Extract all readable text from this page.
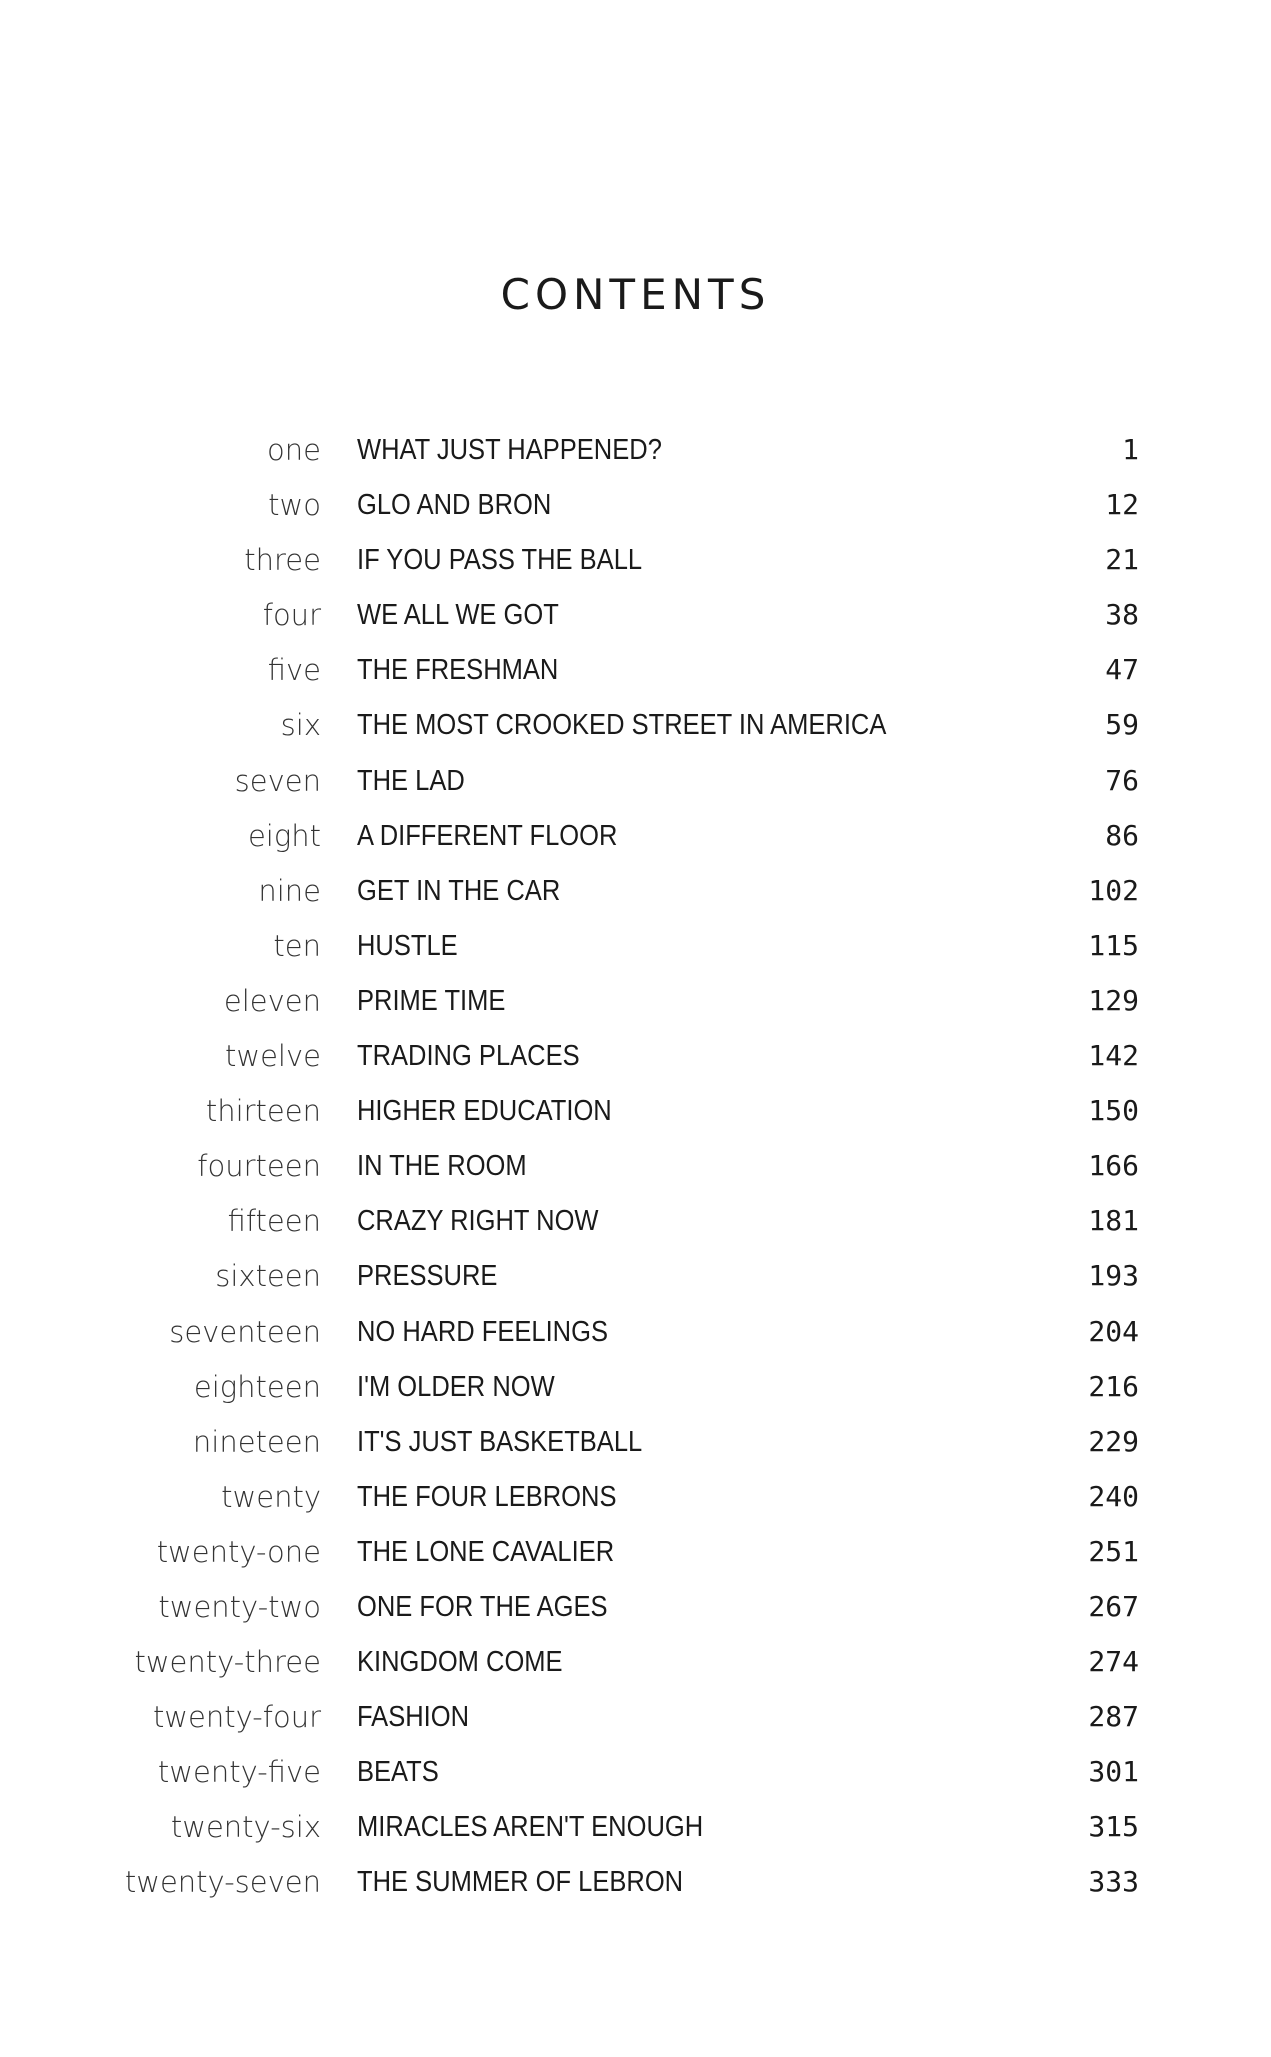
CONTENTS
one WHAT JUST HAPPENED?	1
two GLO AND BRON	12
three IF YOU PASS THE BALL	21
four WE ALL WE GOT	38
five THE FRESHMAN	47
six THE MOST CROOKED STREET IN AMERICA	59
seven THE LAD	76
eight A DIFFERENT FLOOR	86
nine GET IN THE CAR	102
ten HUSTLE	115
eleven PRIME TIME	129
twelve TRADING PLACES	142
thirteen HIGHER EDUCATION	150
fourteen IN THE ROOM	166
fifteen CRAZY RIGHT NOW	181
sixteen PRESSURE	193
seventeen NO HARD FEELINGS	204
eighteen I'M OLDER NOW	216
nineteen IT'S JUST BASKETBALL	229
twenty THE FOUR LEBRONS	240
twenty-one THE LONE CAVALIER	251
twenty-two ONE FOR THE AGES	267
twenty-three KINGDOM COME	274
twenty-four FASHION	287
twenty-five BEATS	301
twenty-six MIRACLES AREN'T ENOUGH	315
twenty-seven THE SUMMER OF LEBRON	333
